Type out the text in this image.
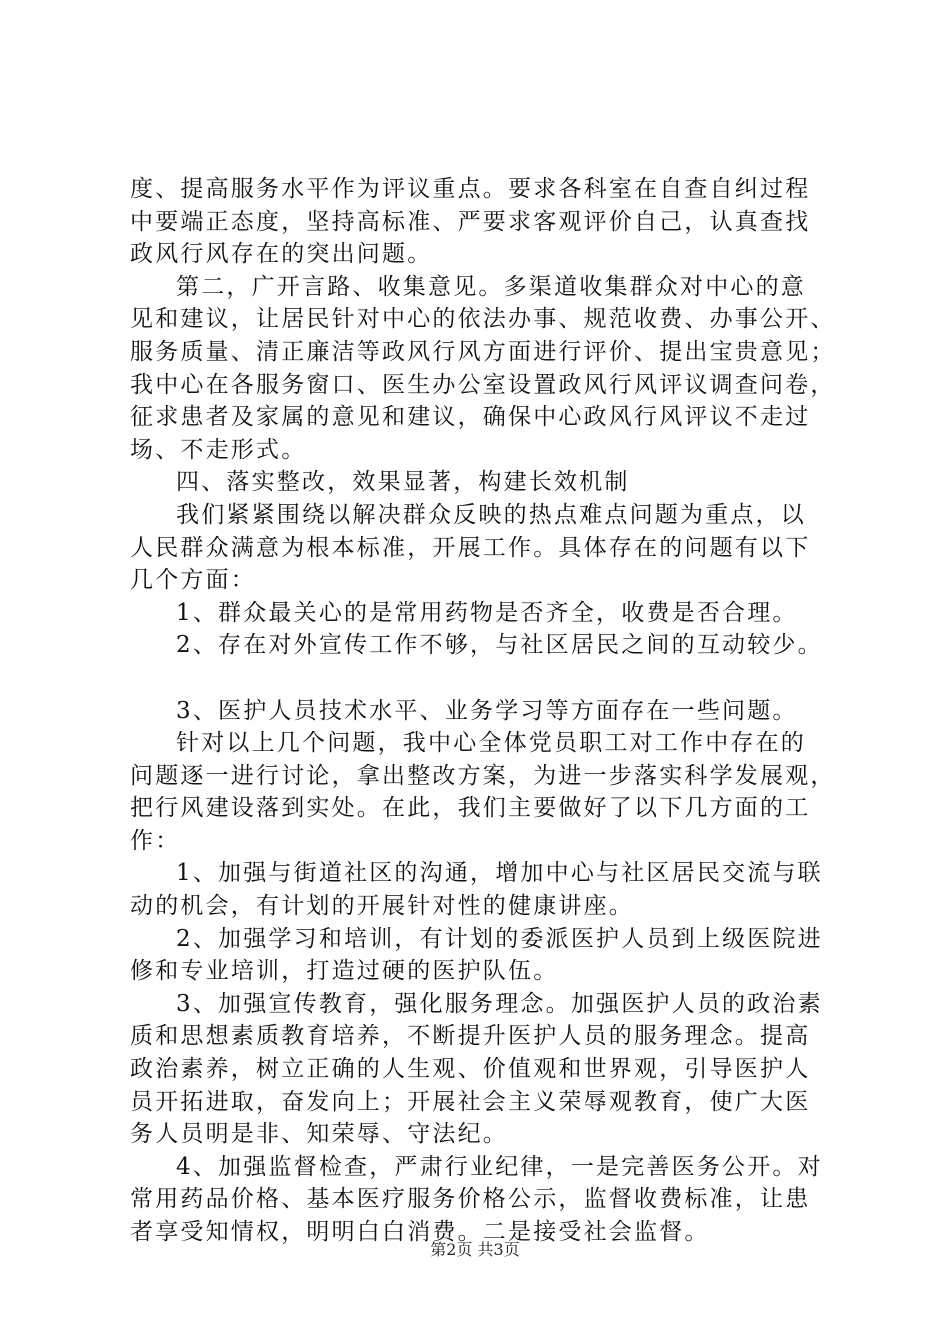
度、提高服务水平作为评议重点。要求各科室在自查自纠过程
中要端正态度，坚持高标准、严要求客观评价自己，认真查找
政风行风存在的突出问题。
第二，广开言路、收集意见。多渠道收集群众对中心的意
见和建议，让居民针对中心的依法办事、规范收费、办事公开、
服务质量、清正廉洁等政风行风方面进行评价、提出宝贵意见；
我中心在各服务窗口、医生办公室设置政风行风评议调查问卷，
征求患者及家属的意见和建议，确保中心政风行风评议不走过
场、不走形式。
四、落实整改，效果显著，构建长效机制
我们紧紧围绕以解决群众反映的热点难点问题为重点，以
人民群众满意为根本标准，开展工作。具体存在的问题有以下
几个方面：
1、群众最关心的是常用药物是否齐全，收费是否合理。
2、存在对外宣传工作不够，与社区居民之间的互动较少。
3、医护人员技术水平、业务学习等方面存在一些问题。
针对以上几个问题，我中心全体党员职工对工作中存在的
问题逐一进行讨论，拿出整改方案，为进一步落实科学发展观，
把行风建设落到实处。在此，我们主要做好了以下几方面的工
作：
1、加强与街道社区的沟通，增加中心与社区居民交流与联
动的机会，有计划的开展针对性的健康讲座。
2、加强学习和培训，有计划的委派医护人员到上级医院进
修和专业培训，打造过硬的医护队伍。
3、加强宣传教育，强化服务理念。加强医护人员的政治素
质和思想素质教育培养，不断提升医护人员的服务理念。提高
政治素养，树立正确的人生观、价值观和世界观，引导医护人
员开拓进取，奋发向上；开展社会主义荣辱观教育，使广大医
务人员明是非、知荣辱、守法纪。
4、加强监督检查，严肃行业纪律，一是完善医务公开。对
常用药品价格、基本医疗服务价格公示，监督收费标准，让患
者享受知情权，明明白白消费。二是接受社会监督。
第2页 共3页
